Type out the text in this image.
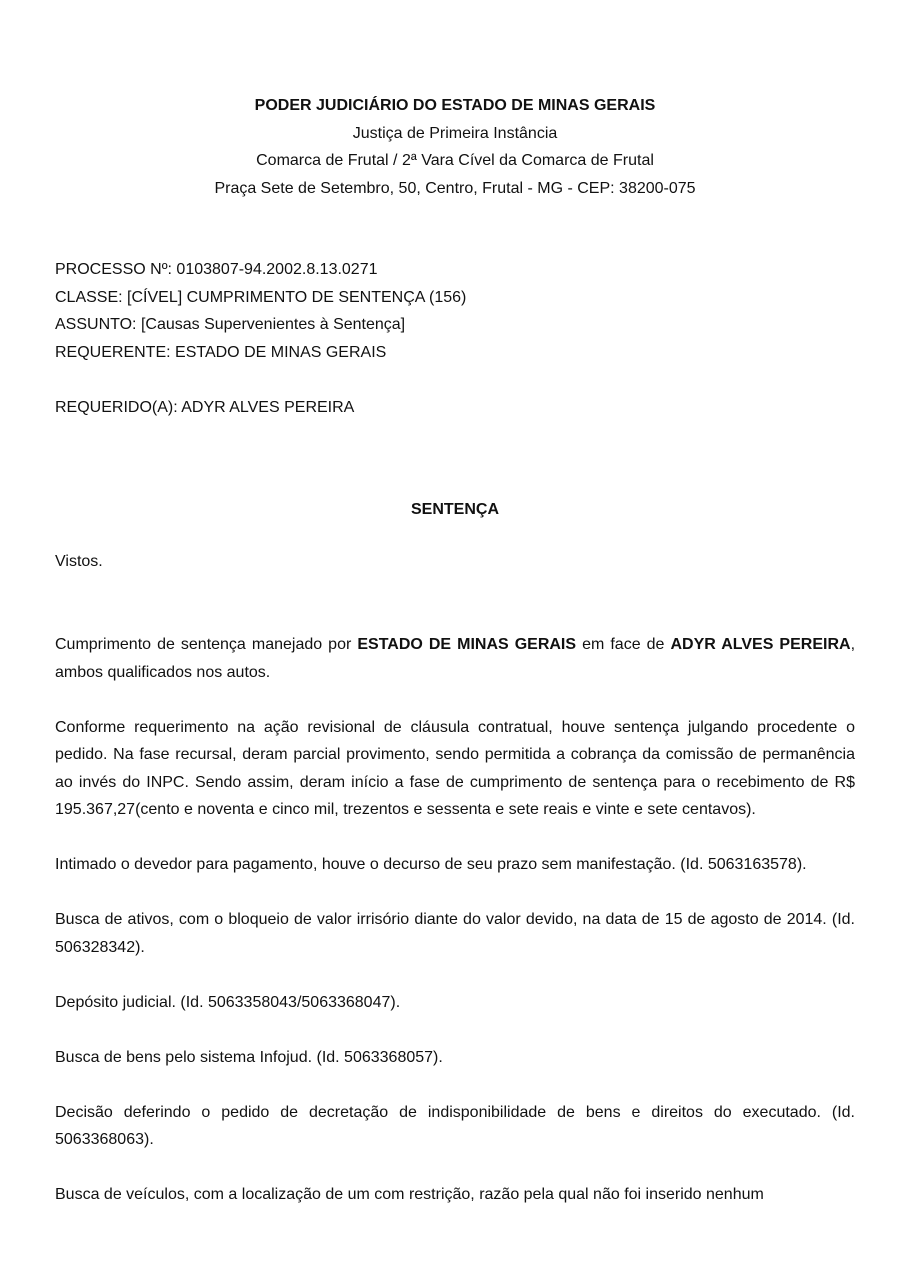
PODER JUDICIÁRIO DO ESTADO DE MINAS GERAIS
Justiça de Primeira Instância
Comarca de Frutal / 2ª Vara Cível da Comarca de Frutal
Praça Sete de Setembro, 50, Centro, Frutal - MG - CEP: 38200-075

PROCESSO Nº: 0103807-94.2002.8.13.0271

CLASSE: [CÍVEL] CUMPRIMENTO DE SENTENÇA (156)

ASSUNTO: [Causas Supervenientes à Sentença]

REQUERENTE: ESTADO DE MINAS GERAIS

REQUERIDO(A): ADYR ALVES PEREIRA

SENTENÇA
Vistos.

Cumprimento de sentença manejado por ESTADO DE MINAS GERAIS em face de ADYR ALVES PEREIRA, ambos qualificados nos autos.

Conforme requerimento na ação revisional de cláusula contratual, houve sentença julgando procedente o pedido. Na fase recursal, deram parcial provimento, sendo permitida a cobrança da comissão de permanência ao invés do INPC. Sendo assim, deram início a fase de cumprimento de sentença para o recebimento de R$ 195.367,27(cento e noventa e cinco mil, trezentos e sessenta e sete reais e vinte e sete centavos).

Intimado o devedor para pagamento, houve o decurso de seu prazo sem manifestação. (Id. 5063163578).

Busca de ativos, com o bloqueio de valor irrisório diante do valor devido, na data de 15 de agosto de 2014. (Id. 506328342).

Depósito judicial. (Id. 5063358043/5063368047).

Busca de bens pelo sistema Infojud. (Id. 5063368057).

Decisão deferindo o pedido de decretação de indisponibilidade de bens e direitos do executado. (Id. 5063368063).

Busca de veículos, com a localização de um com restrição, razão pela qual não foi inserido nenhum
